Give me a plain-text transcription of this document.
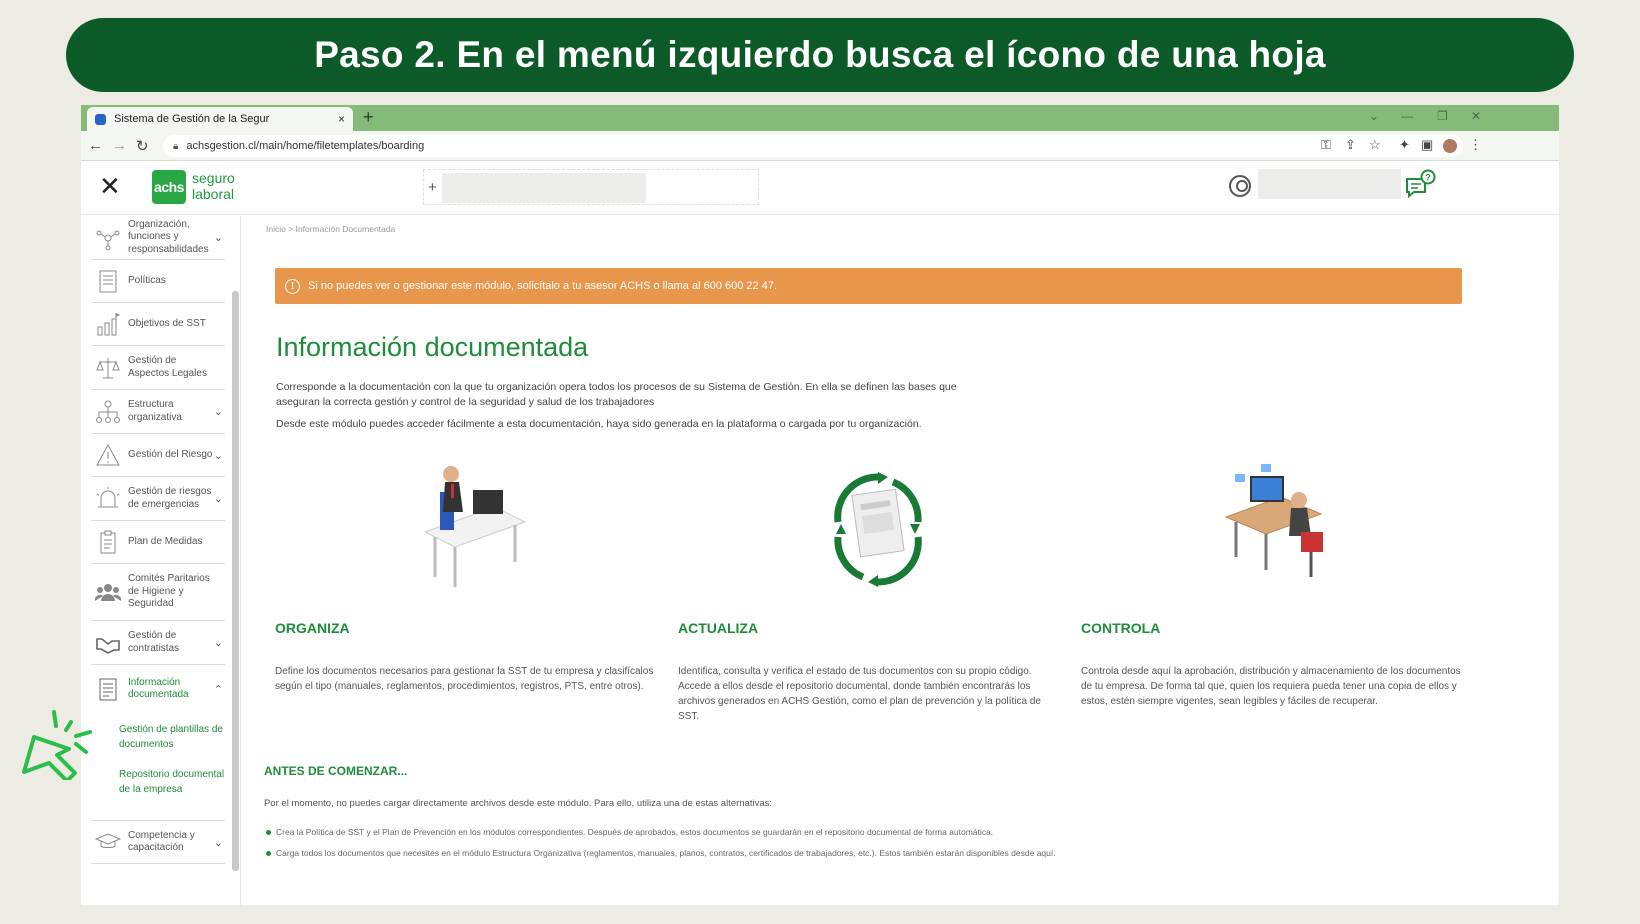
Paso 2. En el menú izquierdo busca el ícono de una hoja
Sistema de Gestión de la Segur	× +	⌄ — ❐ ✕
← → ↻ 🔒︎ achsgestion.cl/main/home/filetemplates/boarding	⚿ ⇪ ☆ ✦ ▣	⋮
✕ achs
seguro
laboral	+
?
Organización, funciones y responsabilidades
⌄
Políticas
Objetivos de SST
Gestión de Aspectos Legales
Estructura organizativa	⌄
Gestión del Riesgo ⌄
Gestión de riesgos de emergencias	⌄
Plan de Medidas
Comités Paritarios de Higiene y Seguridad
Gestión de contratistas	⌄
Información documentada	⌃
Gestión de plantillas de documentos
Repositorio documental de la empresa
Competencia y capacitación	⌄
Inicio > Información Documentada
!	Si no puedes ver o gestionar este módulo, solicítalo a tu asesor ACHS o llama al 600 600 22 47.
Información documentada
Corresponde a la documentación con la que tu organización opera todos los procesos de su Sistema de Gestión. En ella se definen las bases que aseguran la correcta gestión y control de la seguridad y salud de los trabajadores
Desde este módulo puedes acceder fácilmente a esta documentación, haya sido generada en la plataforma o cargada por tu organización.
ORGANIZA
Define los documentos necesarios para gestionar la SST de tu empresa y clasifícalos según el tipo (manuales, reglamentos, procedimientos, registros, PTS, entre otros).
ACTUALIZA
Identifica, consulta y verifica el estado de tus documentos con su propio código. Accede a ellos desde el repositorio documental, donde también encontrarás los archivos generados en ACHS Gestión, como el plan de prevención y la política de SST.
CONTROLA
Controla desde aquí la aprobación, distribución y almacenamiento de los documentos de tu empresa. De forma tal que, quien los requiera pueda tener una copia de ellos y estos, estén siempre vigentes, sean legibles y fáciles de recuperar.
ANTES DE COMENZAR...
Por el momento, no puedes cargar directamente archivos desde este módulo. Para ello, utiliza una de estas alternativas:
Crea la Política de SST y el Plan de Prevención en los módulos correspondientes. Después de aprobados, estos documentos se guardarán en el repositorio documental de forma automática.
Carga todos los documentos que necesites en el módulo Estructura Organizativa (reglamentos, manuales, planos, contratos, certificados de trabajadores, etc.). Estos también estarán disponibles desde aquí.
